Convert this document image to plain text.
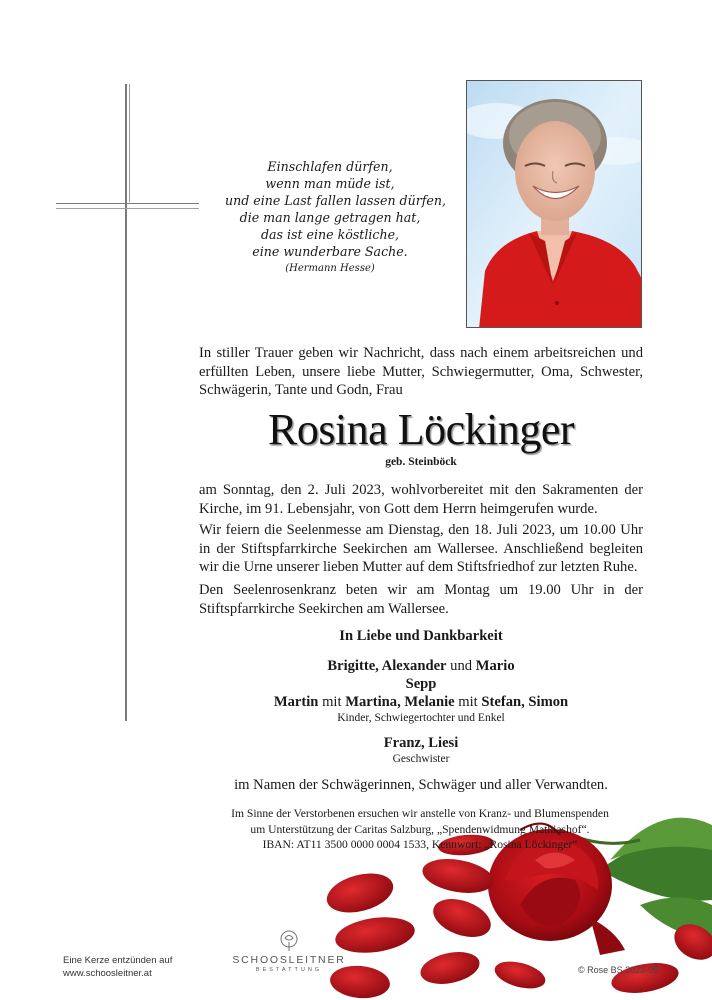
Einschlafen dürfen,
wenn man müde ist,
und eine Last fallen lassen dürfen,
die man lange getragen hat,
das ist eine köstliche,
eine wunderbare Sache.
(Hermann Hesse)
In stiller Trauer geben wir Nachricht, dass nach einem arbeitsreichen und erfüllten Leben, unsere liebe Mutter, Schwiegermutter, Oma, Schwester, Schwägerin, Tante und Godn, Frau
Rosina Löckinger
geb. Steinböck
am Sonntag, den 2. Juli 2023, wohlvorbereitet mit den Sakramenten der Kirche, im 91. Lebensjahr, von Gott dem Herrn heimgerufen wurde.
Wir feiern die Seelenmesse am Dienstag, den 18. Juli 2023, um 10.00 Uhr in der Stiftspfarrkirche Seekirchen am Wallersee. Anschließend begleiten wir die Urne unserer lieben Mutter auf dem Stiftsfriedhof zur letzten Ruhe.
Den Seelenrosenkranz beten wir am Montag um 19.00 Uhr in der Stiftspfarrkirche Seekirchen am Wallersee.
In Liebe und Dankbarkeit
Brigitte, Alexander und Mario
Sepp
Martin mit Martina, Melanie mit Stefan, Simon
Kinder, Schwiegertochter und Enkel
Franz, Liesi
Geschwister
im Namen der Schwägerinnen, Schwäger und aller Verwandten.
Im Sinne der Verstorbenen ersuchen wir anstelle von Kranz- und Blumenspenden
um Unterstützung der Caritas Salzburg, „Spendenwidmung Mathiashof“.
IBAN: AT11 3500 0000 0004 1533, Kennwort: „Rosina Löckinger“
Eine Kerze entzünden auf
www.schoosleitner.at
SCHOOSLEITNER
BESTATTUNG	© Rose BS 2023-05
